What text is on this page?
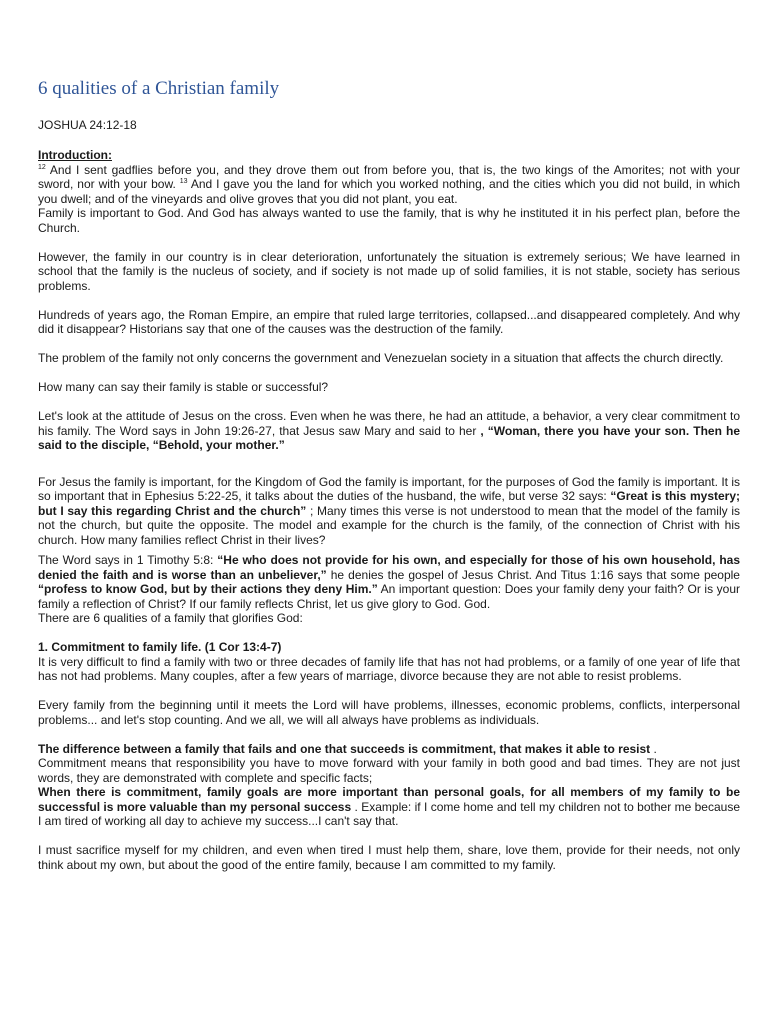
6 qualities of a Christian family
JOSHUA 24:12-18

Introduction:
$^{12}$ And I sent gadflies before you, and they drove them out from before you, that is, the two kings of the Amorites; not with your sword, nor with your bow. $^{13}$ And I gave you the land for which you worked nothing, and the cities which you did not build, in which you dwell; and of the vineyards and olive groves that you did not plant, you eat.

Family is important to God. And God has always wanted to use the family, that is why he instituted it in his perfect plan, before the Church.

However, the family in our country is in clear deterioration, unfortunately the situation is extremely serious; We have learned in school that the family is the nucleus of society, and if society is not made up of solid families, it is not stable, society has serious problems.

Hundreds of years ago, the Roman Empire, an empire that ruled large territories, collapsed...and disappeared completely. And why did it disappear? Historians say that one of the causes was the destruction of the family.

The problem of the family not only concerns the government and Venezuelan society in a situation that affects the church directly.

How many can say their family is stable or successful?

Let's look at the attitude of Jesus on the cross. Even when he was there, he had an attitude, a behavior, a very clear commitment to his family. The Word says in John 19:26-27, that Jesus saw Mary and said to her , “Woman, there you have your son. Then he said to the disciple, “Behold, your mother.”

For Jesus the family is important, for the Kingdom of God the family is important, for the purposes of God the family is important. It is so important that in Ephesius 5:22-25, it talks about the duties of the husband, the wife, but verse 32 says: “Great is this mystery; but I say this regarding Christ and the church” ; Many times this verse is not understood to mean that the model of the family is not the church, but quite the opposite. The model and example for the church is the family, of the connection of Christ with his church. How many families reflect Christ in their lives?

The Word says in 1 Timothy 5:8: “He who does not provide for his own, and especially for those of his own household, has denied the faith and is worse than an unbeliever,” he denies the gospel of Jesus Christ. And Titus 1:16 says that some people “profess to know God, but by their actions they deny Him.” An important question: Does your family deny your faith? Or is your family a reflection of Christ? If our family reflects Christ, let us give glory to God. God.

There are 6 qualities of a family that glorifies God:

1. Commitment to family life. (1 Cor 13:4-7)

It is very difficult to find a family with two or three decades of family life that has not had problems, or a family of one year of life that has not had problems. Many couples, after a few years of marriage, divorce because they are not able to resist problems.

Every family from the beginning until it meets the Lord will have problems, illnesses, economic problems, conflicts, interpersonal problems... and let's stop counting. And we all, we will all always have problems as individuals.

The difference between a family that fails and one that succeeds is commitment, that makes it able to resist .

Commitment means that responsibility you have to move forward with your family in both good and bad times. They are not just words, they are demonstrated with complete and specific facts;

When there is commitment, family goals are more important than personal goals, for all members of my family to be successful is more valuable than my personal success . Example: if I come home and tell my children not to bother me because I am tired of working all day to achieve my success...I can't say that.

I must sacrifice myself for my children, and even when tired I must help them, share, love them, provide for their needs, not only think about my own, but about the good of the entire family, because I am committed to my family.
